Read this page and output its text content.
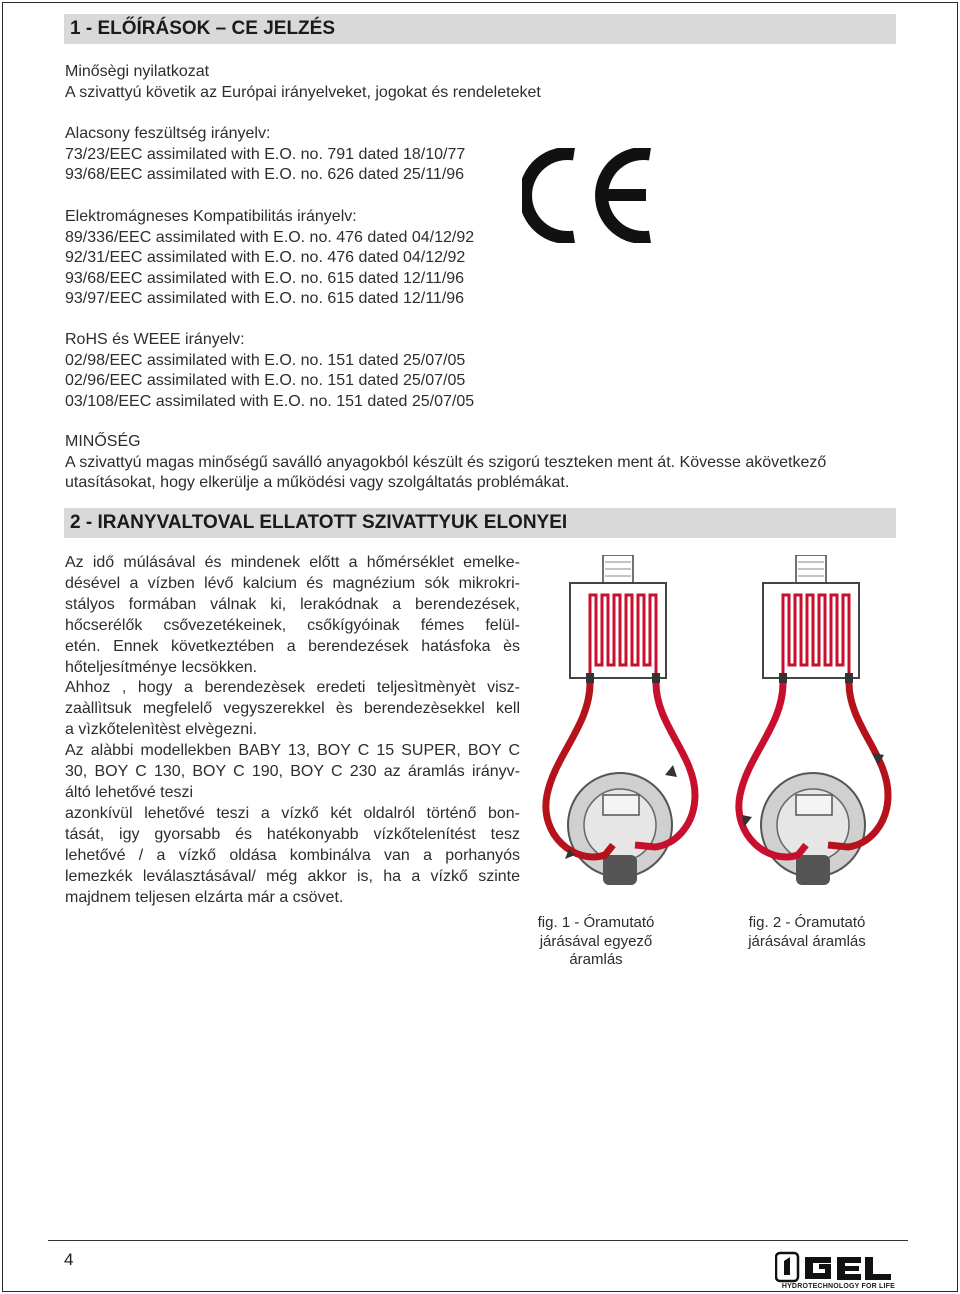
1 - ELŐÍRÁSOK – CE JELZÉS
Minősègi nyilatkozat
A szivattyú követik az Európai irányelveket, jogokat és rendeleteket
Alacsony feszültség irányelv:
73/23/EEC assimilated with E.O. no. 791 dated 18/10/77
93/68/EEC assimilated with E.O. no. 626 dated 25/11/96
Elektromágneses Kompatibilitás irányelv:
89/336/EEC assimilated with E.O. no. 476 dated 04/12/92
92/31/EEC assimilated with E.O. no. 476 dated 04/12/92
93/68/EEC assimilated with E.O. no. 615 dated 12/11/96
93/97/EEC assimilated with E.O. no. 615 dated 12/11/96
RoHS és WEEE irányelv:
02/98/EEC assimilated with E.O. no. 151 dated 25/07/05
02/96/EEC assimilated with E.O. no. 151 dated 25/07/05
03/108/EEC assimilated with E.O. no. 151 dated 25/07/05
MINŐSÉG
A szivattyú magas minőségű saválló anyagokból készült és szigorú teszteken ment át. Kövesse akövetkező
utasításokat, hogy elkerülje a működési vagy szolgáltatás problémákat.
2 - IRANYVALTOVAL ELLATOTT SZIVATTYUK ELONYEI
Az idő múlásával és mindenek előtt a hőmérséklet emelke-
désével a vízben lévő kalcium és magnézium sók mikrokri-
stályos formában válnak ki, lerakódnak a berendezések,
hőcserélők csővezetékeinek, csőkígyóinak fémes felül-
etén. Ennek következtében a berendezések hatásfoka ès
hőteljesítménye lecsökken.
Ahhoz , hogy a berendezèsek eredeti teljesìtmènyèt visz-
zaàllìtsuk megfelelő vegyszerekkel ès berendezèsekkel kell
a vìzkőtelenìtèst elvègezni.
Az alàbbi modellekben BABY 13, BOY C 15 SUPER, BOY C
30, BOY C 130, BOY C 190, BOY C 230 az áramlás irányv-
áltó lehetővé teszi
azonkívül lehetővé teszi a vízkő két oldalról történő bon-
tását, igy gyorsabb és hatékonyabb vízkőtelenítést tesz
lehetővé / a vízkő oldása kombinálva van a porhanyós
lemezkék leválasztásával/ még akkor is, ha a vízkő szinte
majdnem teljesen elzárta már a csövet.
fig. 1 - Óramutató
járásával egyező
áramlás
fig. 2 - Óramutató
járásával áramlás
4
HYDROTECHNOLOGY FOR LIFE
